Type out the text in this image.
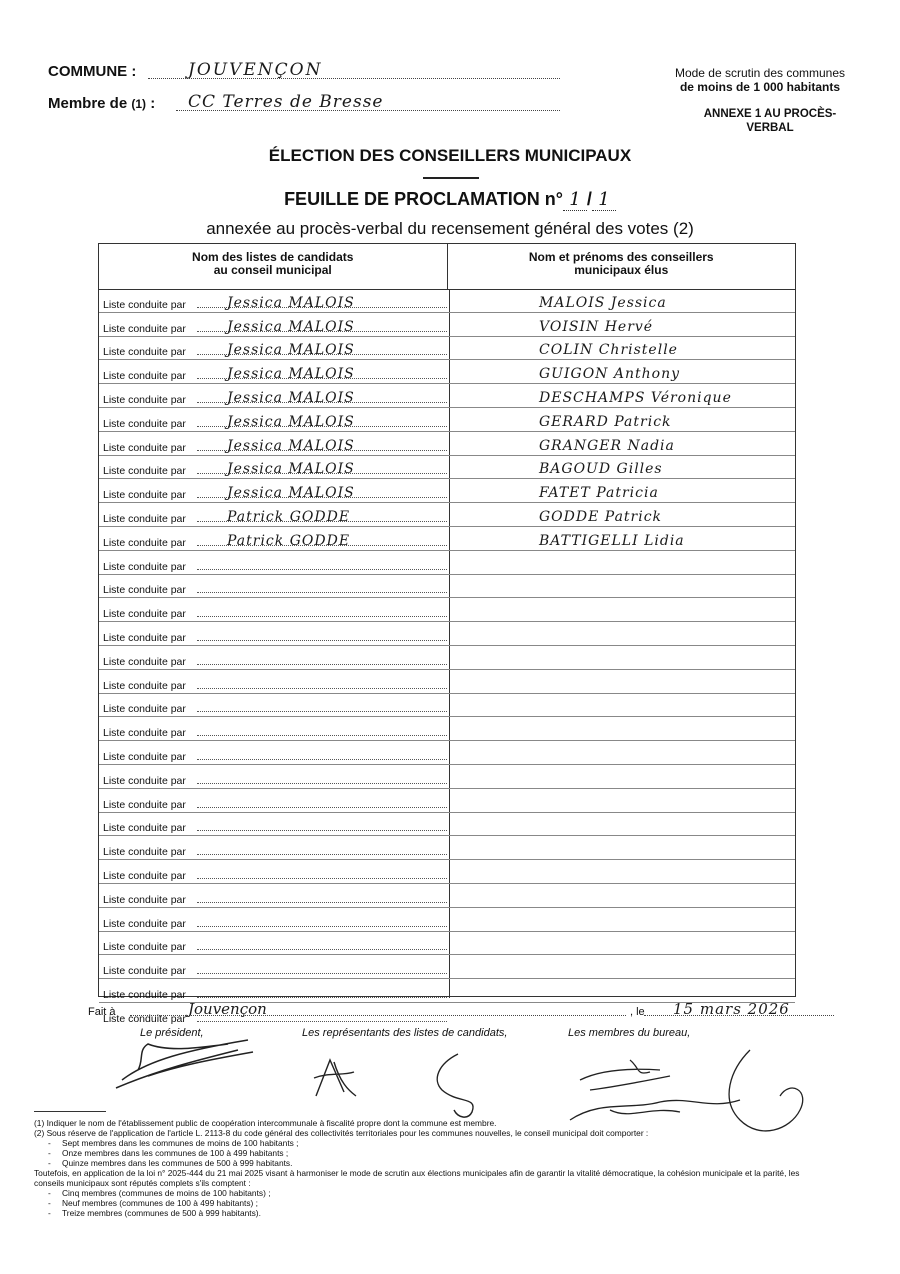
COMMUNE :	JOUVENÇON
Membre de (1) : CC Terres de Bresse
Mode de scrutin des communes
de moins de 1 000 habitants
ANNEXE 1 AU PROCÈS-
VERBAL
ÉLECTION DES CONSEILLERS MUNICIPAUX
FEUILLE DE PROCLAMATION n° 1 / 1
annexée au procès-verbal du recensement général des votes (2)
Nom des listes de candidats
au conseil municipal
Nom et prénoms des conseillers
municipaux élus
Liste conduite par	Jessica MALOIS	MALOIS Jessica
Liste conduite par	Jessica MALOIS	VOISIN Hervé
Liste conduite par	Jessica MALOIS	COLIN Christelle
Liste conduite par	Jessica MALOIS	GUIGON Anthony
Liste conduite par	Jessica MALOIS	DESCHAMPS Véronique
Liste conduite par	Jessica MALOIS	GERARD Patrick
Liste conduite par	Jessica MALOIS	GRANGER Nadia
Liste conduite par	Jessica MALOIS	BAGOUD Gilles
Liste conduite par	Jessica MALOIS	FATET Patricia
Liste conduite par	Patrick GODDE	GODDE Patrick
Liste conduite par	Patrick GODDE	BATTIGELLI Lidia
Liste conduite par
Liste conduite par
Liste conduite par
Liste conduite par
Liste conduite par
Liste conduite par
Liste conduite par
Liste conduite par
Liste conduite par
Liste conduite par
Liste conduite par
Liste conduite par
Liste conduite par
Liste conduite par
Liste conduite par
Liste conduite par
Liste conduite par
Liste conduite par
Liste conduite par
Liste conduite par
Fait à	Jouvençon	, le 15 mars 2026
Le président,	Les représentants des listes de candidats,	Les membres du bureau,
(1) Indiquer le nom de l'établissement public de coopération intercommunale à fiscalité propre dont la commune est membre.
(2) Sous réserve de l'application de l'article L. 2113-8 du code général des collectivités territoriales pour les communes nouvelles, le conseil municipal doit comporter :
- Sept membres dans les communes de moins de 100 habitants ;
- Onze membres dans les communes de 100 à 499 habitants ;
- Quinze membres dans les communes de 500 à 999 habitants.
Toutefois, en application de la loi n° 2025-444 du 21 mai 2025 visant à harmoniser le mode de scrutin aux élections municipales afin de garantir la vitalité démocratique, la cohésion municipale et la parité, les
conseils municipaux sont réputés complets s'ils comptent :
- Cinq membres (communes de moins de 100 habitants) ;
- Neuf membres (communes de 100 à 499 habitants) ;
- Treize membres (communes de 500 à 999 habitants).
